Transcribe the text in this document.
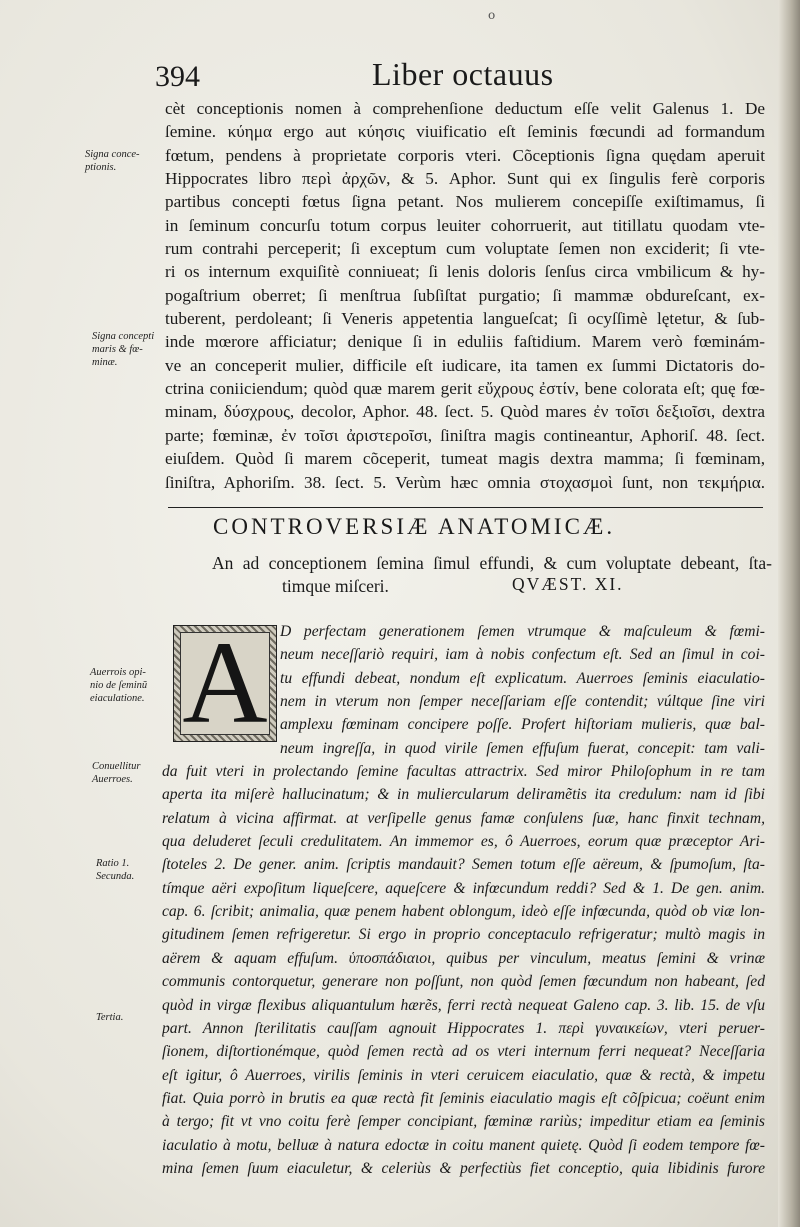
o
394	Liber octauus
cèt conceptionis nomen à comprehenſione deductum eſſe velit Galenus 1. De
ſemine. κύημα ergo aut κύησις viuificatio eſt ſeminis fœcundi ad formandum
fœtum, pendens à proprietate corporis vteri. Cõceptionis ſigna quędam aperuit
Hippocrates libro περὶ ἀρχῶν, & 5. Aphor. Sunt qui ex ſingulis ferè corporis
partibus concepti fœtus ſigna petant. Nos mulierem concepiſſe exiſtimamus, ſi
in ſeminum concurſu totum corpus leuiter cohorruerit, aut titillatu quodam vte-
rum contrahi perceperit; ſi exceptum cum voluptate ſemen non exciderit; ſi vte-
ri os internum exquiſitè conniueat; ſi lenis doloris ſenſus circa vmbilicum & hy-
pogaſtrium oberret; ſi menſtrua ſubſiſtat purgatio; ſi mammæ obdureſcant, ex-
tuberent, perdoleant; ſi Veneris appetentia langueſcat; ſi ocyſſimè lętetur, & ſub-
inde mœrore afficiatur; denique ſi in eduliis faſtidium. Marem verò fœminám-
ve an conceperit mulier, difficile eſt iudicare, ita tamen ex ſummi Dictatoris do-
ctrina coniiciendum; quòd quæ marem gerit εὔχρους ἐστίν, bene colorata eſt; quę fœ-
minam, δύσχρους, decolor, Aphor. 48. ſect. 5. Quòd mares ἐν τοῖσι δεξιοῖσι, dextra
parte; fœminæ, ἐν τοῖσι ἀριστεροῖσι, ſiniſtra magis contineantur, Aphoriſ. 48. ſect.
eiuſdem. Quòd ſi marem cõceperit, tumeat magis dextra mamma; ſi fœminam,
ſiniſtra, Aphoriſm. 38. ſect. 5. Verùm hæc omnia στοχασμοὶ ſunt, non τεκμήρια.
Signa conce-
ptionis.
Signa concepti
maris & fœ-
minæ.
Auerrois opi-
nio de ſeminũ
eiaculatione.
Conuellitur
Auerroes.
Ratio 1.
Secunda.
Tertia.
CONTROVERSIÆ ANATOMICÆ.
An ad conceptionem ſemina ſimul effundi, & cum voluptate debeant, ſta-
timque miſceri.	QVÆST. XI.
A D perfectam generationem ſemen vtrumque & maſculeum & fœmi-
neum neceſſariò requiri, iam à nobis confectum eſt. Sed an ſimul in coi-
tu effundi debeat, nondum eſt explicatum. Auerroes ſeminis eiaculatio-
nem in vterum non ſemper neceſſariam eſſe contendit; vúltque ſine viri
amplexu fœminam concipere poſſe. Profert hiſtoriam mulieris, quæ bal-
neum ingreſſa, in quod virile ſemen effuſum fuerat, concepit: tam vali-
da fuit vteri in prolectando ſemine facultas attractrix. Sed miror Philoſophum in re tam
aperta ita miſerè hallucinatum; & in muliercularum deliramẽtis ita credulum: nam id ſibi
relatum à vicina affirmat. at verſipelle genus famæ conſulens ſuæ, hanc finxit technam,
qua deluderet ſeculi credulitatem. An immemor es, ô Auerroes, eorum quæ præceptor Ari-
ſtoteles 2. De gener. anim. ſcriptis mandauit? Semen totum eſſe aëreum, & ſpumoſum, ſta-
tímque aëri expoſitum liqueſcere, aqueſcere & infœcundum reddi? Sed & 1. De gen. anim.
cap. 6. ſcribit; animalia, quæ penem habent oblongum, ideò eſſe infœcunda, quòd ob viæ lon-
gitudinem ſemen refrigeretur. Si ergo in proprio conceptaculo refrigeratur; multò magis in
aërem & aquam effuſum. ὑποσπάδιαιοι, quibus per vinculum, meatus ſemini & vrinæ
communis contorquetur, generare non poſſunt, non quòd ſemen fœcundum non habeant, ſed
quòd in virgæ flexibus aliquantulum hærẽs, ferri rectà nequeat Galeno cap. 3. lib. 15. de vſu
part. Annon ſterilitatis cauſſam agnouit Hippocrates 1. περὶ γυναικείων, vteri peruer-
ſionem, diſtortionémque, quòd ſemen rectà ad os vteri internum ferri nequeat? Neceſſaria
eſt igitur, ô Auerroes, virilis ſeminis in vteri ceruicem eiaculatio, quæ & rectà, & impetu
fiat. Quia porrò in brutis ea quæ rectà fit ſeminis eiaculatio magis eſt cõſpicua; coëunt enim
à tergo; fit vt vno coitu ferè ſemper concipiant, fœminæ rariùs; impeditur etiam ea ſeminis
iaculatio à motu, belluæ à natura edoctæ in coitu manent quietę. Quòd ſi eodem tempore fœ-
mina ſemen ſuum eiaculetur, & celeriùs & perfectiùs fiet conceptio, quia libidinis furore
